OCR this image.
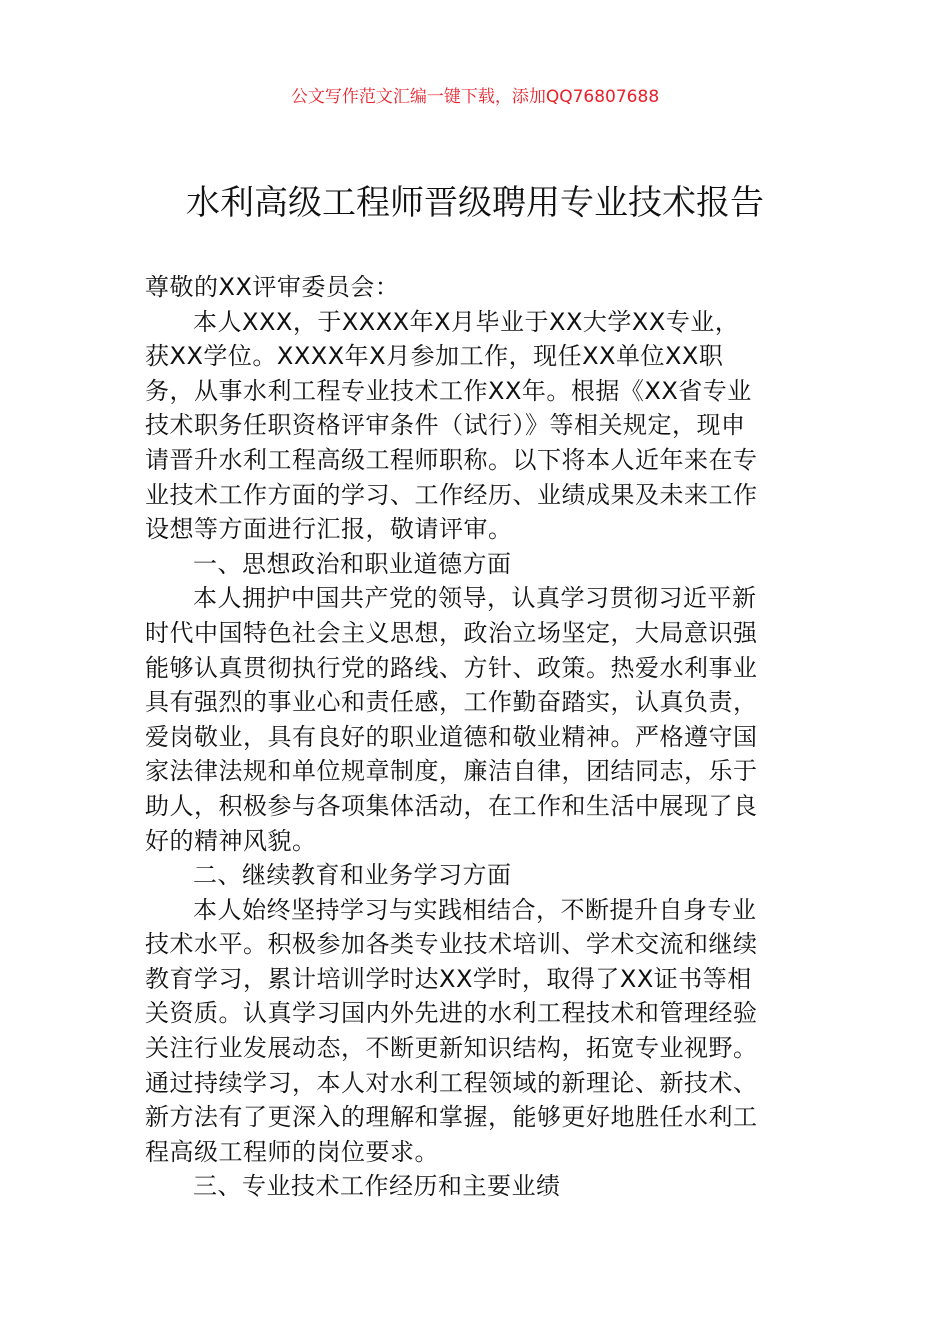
公文写作范文汇编一键下载，添加QQ76807688
水利高级工程师晋级聘用专业技术报告
尊敬的XX评审委员会：
本人XXX，于XXXX年X月毕业于XX大学XX专业，
获XX学位。XXXX年X月参加工作，现任XX单位XX职
务，从事水利工程专业技术工作XX年。根据《XX省专业
技术职务任职资格评审条件（试行）》等相关规定，现申
请晋升水利工程高级工程师职称。以下将本人近年来在专
业技术工作方面的学习、工作经历、业绩成果及未来工作
设想等方面进行汇报，敬请评审。
一、思想政治和职业道德方面
本人拥护中国共产党的领导，认真学习贯彻习近平新
时代中国特色社会主义思想，政治立场坚定，大局意识强
能够认真贯彻执行党的路线、方针、政策。热爱水利事业
具有强烈的事业心和责任感，工作勤奋踏实，认真负责，
爱岗敬业，具有良好的职业道德和敬业精神。严格遵守国
家法律法规和单位规章制度，廉洁自律，团结同志，乐于
助人，积极参与各项集体活动，在工作和生活中展现了良
好的精神风貌。
二、继续教育和业务学习方面
本人始终坚持学习与实践相结合，不断提升自身专业
技术水平。积极参加各类专业技术培训、学术交流和继续
教育学习，累计培训学时达XX学时，取得了XX证书等相
关资质。认真学习国内外先进的水利工程技术和管理经验
关注行业发展动态，不断更新知识结构，拓宽专业视野。
通过持续学习，本人对水利工程领域的新理论、新技术、
新方法有了更深入的理解和掌握，能够更好地胜任水利工
程高级工程师的岗位要求。
三、专业技术工作经历和主要业绩
